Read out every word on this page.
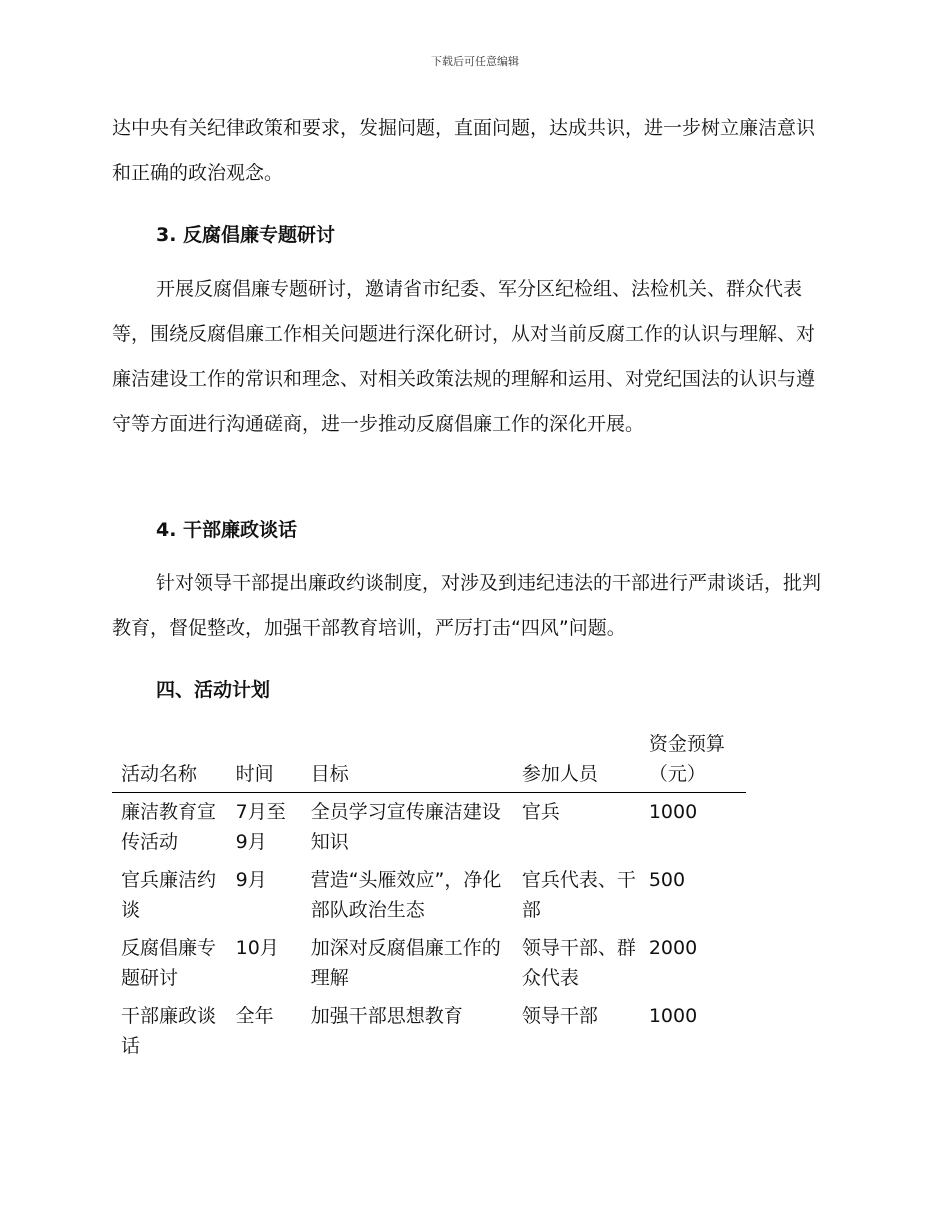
下载后可任意编辑

达中央有关纪律政策和要求，发掘问题，直面问题，达成共识，进一步树立廉洁意识和正确的政治观念。

3. 反腐倡廉专题研讨

开展反腐倡廉专题研讨，邀请省市纪委、军分区纪检组、法检机关、群众代表等，围绕反腐倡廉工作相关问题进行深化研讨，从对当前反腐工作的认识与理解、对廉洁建设工作的常识和理念、对相关政策法规的理解和运用、对党纪国法的认识与遵守等方面进行沟通磋商，进一步推动反腐倡廉工作的深化开展。

4. 干部廉政谈话

针对领导干部提出廉政约谈制度，对涉及到违纪违法的干部进行严肃谈话，批判教育，督促整改，加强干部教育培训，严厉打击“四风”问题。

四、活动计划

活动名称	时间	目标	参加人员	资金预算（元）
廉洁教育宣传活动	7月至9月	全员学习宣传廉洁建设知识	官兵	1000
官兵廉洁约谈	9月	营造“头雁效应”，净化部队政治生态	官兵代表、干部	500
反腐倡廉专题研讨	10月	加深对反腐倡廉工作的理解	领导干部、群众代表	2000
干部廉政谈话	全年	加强干部思想教育	领导干部	1000
